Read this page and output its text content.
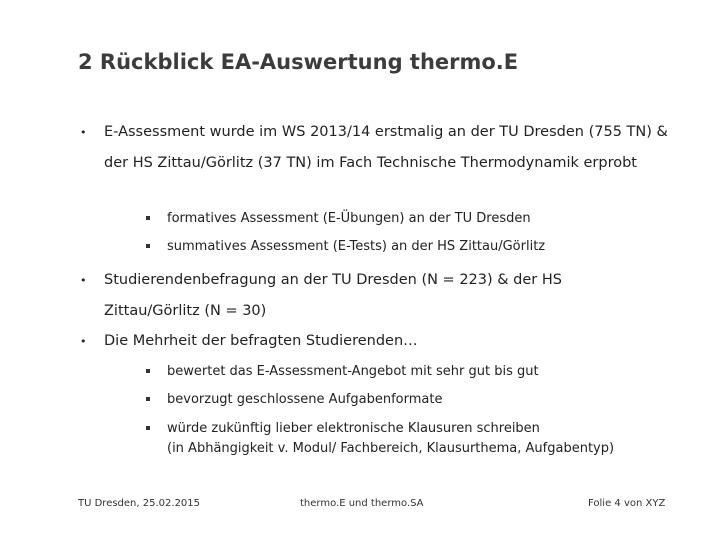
2 Rückblick EA-Auswertung thermo.E
• E-Assessment wurde im WS 2013/14 erstmalig an der TU Dresden (755 TN) & der HS Zittau/Görlitz (37 TN) im Fach Technische Thermodynamik erprobt
formatives Assessment (E-Übungen) an der TU Dresden
summatives Assessment (E-Tests) an der HS Zittau/Görlitz
• Studierendenbefragung an der TU Dresden (N = 223) & der HS Zittau/Görlitz (N = 30)
• Die Mehrheit der befragten Studierenden…
bewertet das E-Assessment-Angebot mit sehr gut bis gut
bevorzugt geschlossene Aufgabenformate
würde zukünftig lieber elektronische Klausuren schreiben
(in Abhängigkeit v. Modul/ Fachbereich, Klausurthema, Aufgabentyp)
TU Dresden, 25.02.2015	thermo.E und thermo.SA	Folie 4 von XYZ
